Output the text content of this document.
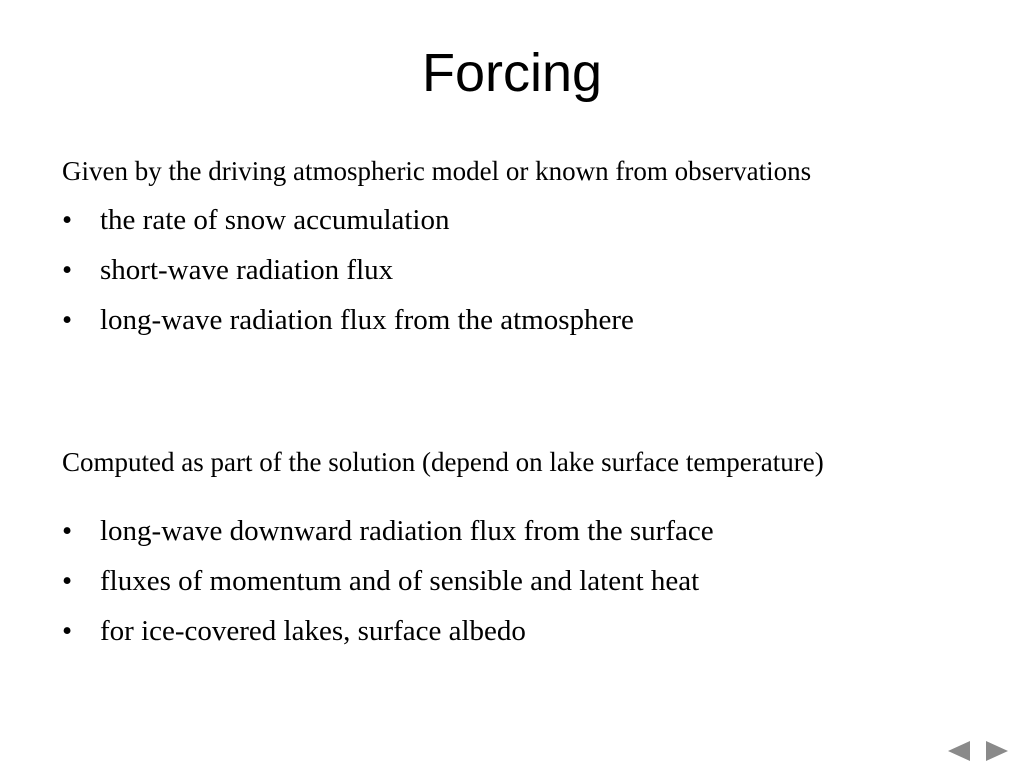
Forcing

Given by the driving atmospheric model or known from observations

• the rate of snow accumulation
• short-wave radiation flux
• long-wave radiation flux from the atmosphere

Computed as part of the solution (depend on lake surface temperature)

• long-wave downward radiation flux from the surface
• fluxes of momentum and of sensible and latent heat
• for ice-covered lakes, surface albedo
